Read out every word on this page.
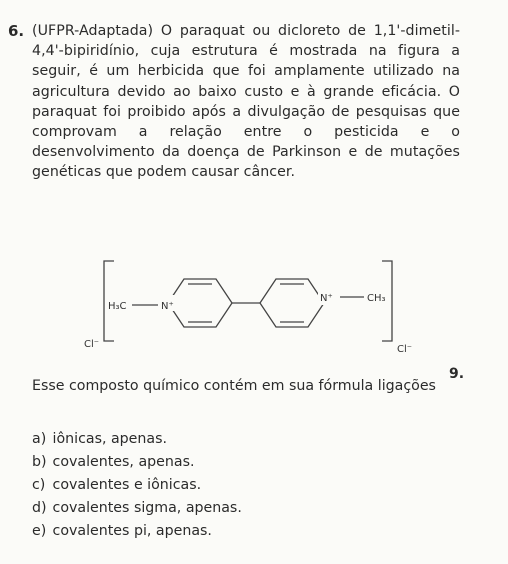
6. (UFPR-Adaptada) O paraquat ou dicloreto de 1,1'-dimetil-4,4'-bipiridínio, cuja estrutura é mostrada na figura a seguir, é um herbicida que foi amplamente utilizado na agricultura devido ao baixo custo e à grande eficácia. O paraquat foi proibido após a divulgação de pesquisas que comprovam a relação entre o pesticida e o desenvolvimento da doença de Parkinson e de mutações genéticas que podem causar câncer.

H₃C	N⁺
N⁺	CH₃
Cl⁻	Cl⁻
9.

Esse composto químico contém em sua fórmula ligações

a) iônicas, apenas.
b) covalentes, apenas.
c) covalentes e iônicas.
d) covalentes sigma, apenas.
e) covalentes pi, apenas.
